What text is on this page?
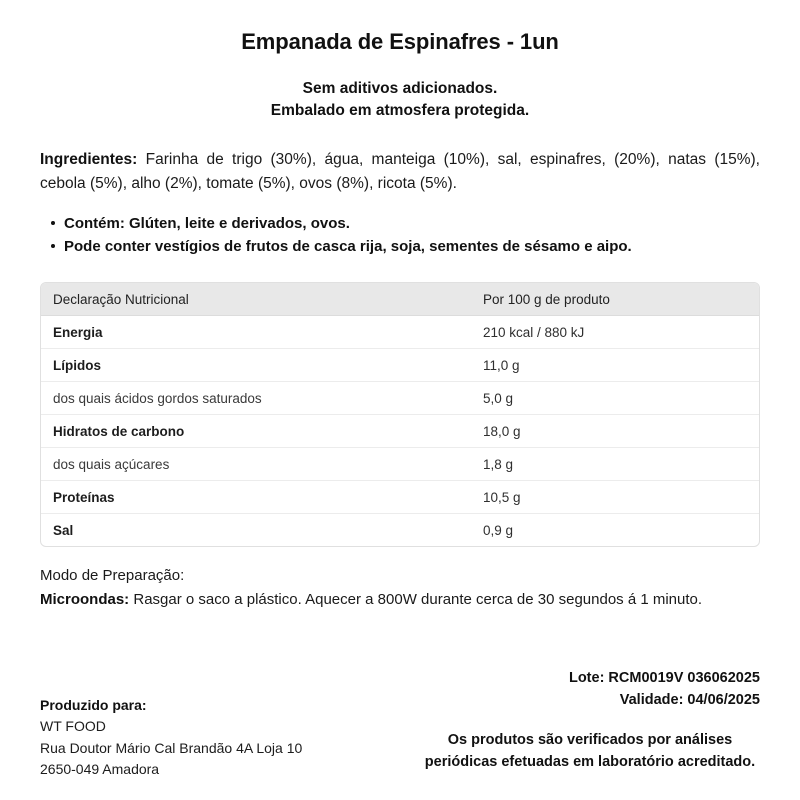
Empanada de Espinafres - 1un
Sem aditivos adicionados.
Embalado em atmosfera protegida.

Ingredientes: Farinha de trigo (30%), água, manteiga (10%), sal, espinafres, (20%), natas (15%), cebola (5%), alho (2%), tomate (5%), ovos (8%), ricota (5%).

Contém: Glúten, leite e derivados, ovos.
Pode conter vestígios de frutos de casca rija, soja, sementes de sésamo e aipo.
Declaração Nutricional	Por 100 g de produto
Energia	210 kcal / 880 kJ
Lípidos	11,0 g
dos quais ácidos gordos saturados	5,0 g
Hidratos de carbono	18,0 g
dos quais açúcares	1,8 g
Proteínas	10,5 g
Sal	0,9 g
Modo de Preparação:
Microondas: Rasgar o saco a plástico. Aquecer a 800W durante cerca de 30 segundos á 1 minuto.
Lote: RCM0019V 036062025
Validade: 04/06/2025
Produzido para:
WT FOOD
Rua Doutor Mário Cal Brandão 4A Loja 10
2650-049 Amadora
Os produtos são verificados por análises
periódicas efetuadas em laboratório acreditado.
